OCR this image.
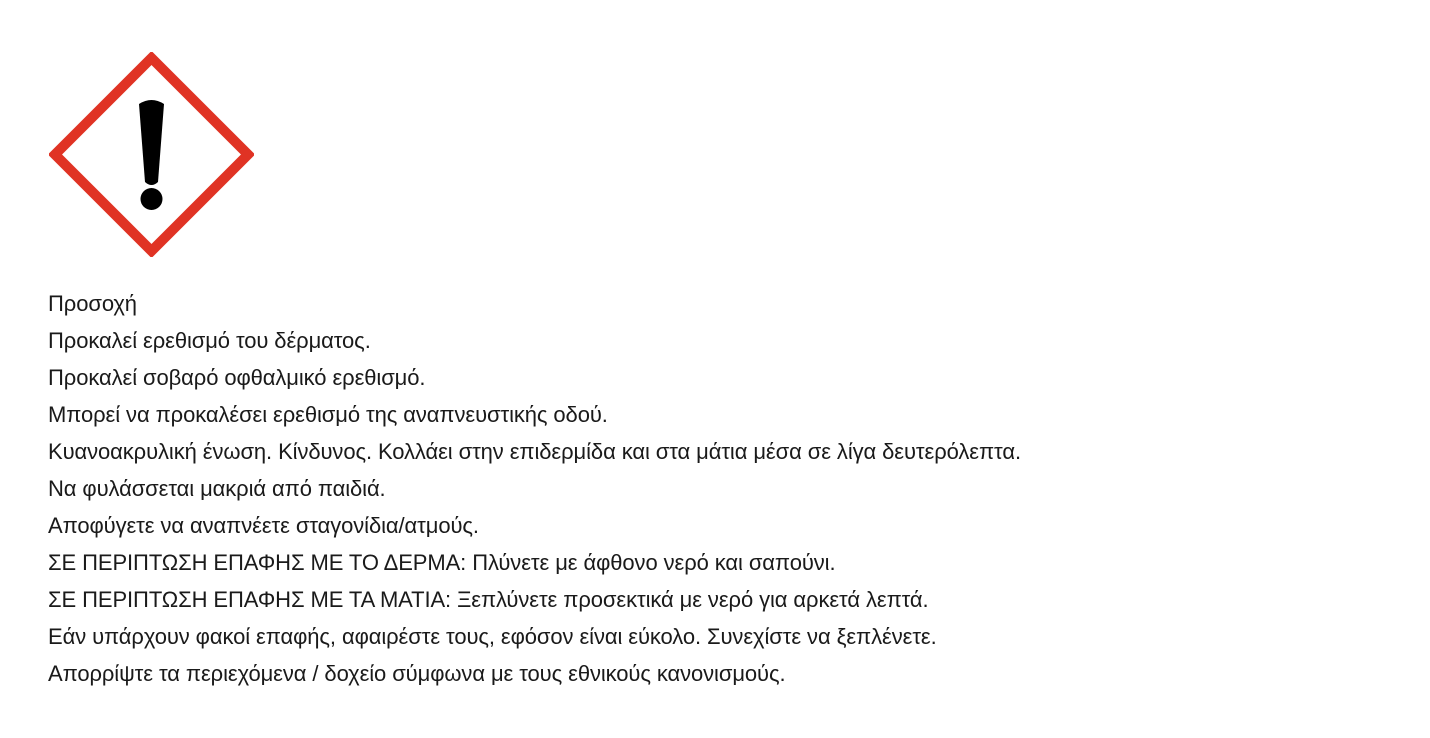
Προσοχή
Προκαλεί ερεθισμό του δέρματος.
Προκαλεί σοβαρό οφθαλμικό ερεθισμό.
Μπορεί να προκαλέσει ερεθισμό της αναπνευστικής οδού.
Κυανοακρυλική ένωση. Κίνδυνος. Κολλάει στην επιδερμίδα και στα μάτια μέσα σε λίγα δευτερόλεπτα.
Να φυλάσσεται μακριά από παιδιά.
Αποφύγετε να αναπνέετε σταγονίδια/ατμούς.
ΣΕ ΠΕΡΙΠΤΩΣΗ ΕΠΑΦΗΣ ΜΕ ΤΟ ΔΕΡΜΑ: Πλύνετε με άφθονο νερό και σαπούνι.
ΣΕ ΠΕΡΙΠΤΩΣΗ ΕΠΑΦΗΣ ΜΕ ΤΑ ΜΑΤΙΑ: Ξεπλύνετε προσεκτικά με νερό για αρκετά λεπτά.
Εάν υπάρχουν φακοί επαφής, αφαιρέστε τους, εφόσον είναι εύκολο. Συνεχίστε να ξεπλένετε.
Απορρίψτε τα περιεχόμενα / δοχείο σύμφωνα με τους εθνικούς κανονισμούς.
